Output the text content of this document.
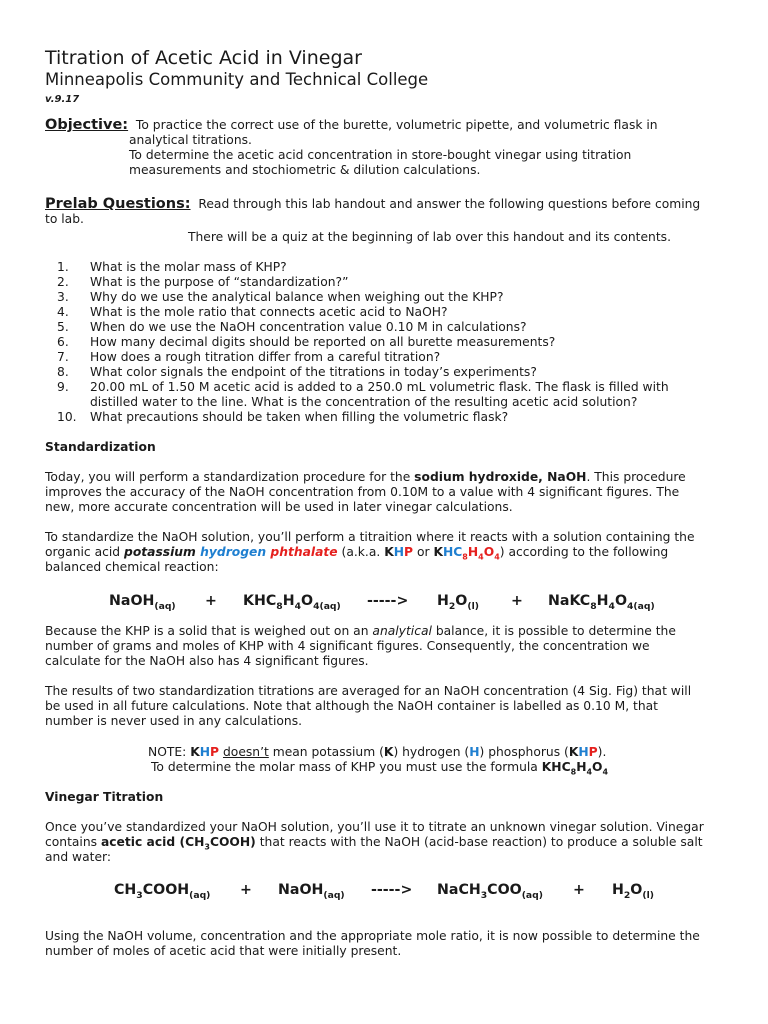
Titration of Acetic Acid in Vinegar
Minneapolis Community and Technical College
v.9.17
Objective: To practice the correct use of the burette, volumetric pipette, and volumetric flask in
analytical titrations.
To determine the acetic acid concentration in store-bought vinegar using titration
measurements and stochiometric & dilution calculations.
Prelab Questions: Read through this lab handout and answer the following questions before coming
to lab.
There will be a quiz at the beginning of lab over this handout and its contents.
1.	What is the molar mass of KHP?
2.	What is the purpose of “standardization?”
3.	Why do we use the analytical balance when weighing out the KHP?
4.	What is the mole ratio that connects acetic acid to NaOH?
5.	When do we use the NaOH concentration value 0.10 M in calculations?
6.	How many decimal digits should be reported on all burette measurements?
7.	How does a rough titration differ from a careful titration?
8.	What color signals the endpoint of the titrations in today’s experiments?
9.	20.00 mL of 1.50 M acetic acid is added to a 250.0 mL volumetric flask. The flask is filled with
distilled water to the line. What is the concentration of the resulting acetic acid solution?
10.	What precautions should be taken when filling the volumetric flask?
Standardization
Today, you will perform a standardization procedure for the sodium hydroxide, NaOH. This procedure
improves the accuracy of the NaOH concentration from 0.10M to a value with 4 significant figures. The
new, more accurate concentration will be used in later vinegar calculations.
To standardize the NaOH solution, you’ll perform a titraition where it reacts with a solution containing the
organic acid potassium hydrogen phthalate (a.k.a. KHP or $KHC_8H_4O_4$) according to the following
balanced chemical reaction:
NaOH$_{(aq)}$ + $KHC_8H_4O_{4(aq)}$ -----> $H_2O_{(l)}$ + $NaKC_8H_4O_{4(aq)}$
Because the KHP is a solid that is weighed out on an analytical balance, it is possible to determine the
number of grams and moles of KHP with 4 significant figures. Consequently, the concentration we
calculate for the NaOH also has 4 significant figures.
The results of two standardization titrations are averaged for an NaOH concentration (4 Sig. Fig) that will
be used in all future calculations. Note that although the NaOH container is labelled as 0.10 M, that
number is never used in any calculations.
NOTE: KHP doesn’t mean potassium (K) hydrogen (H) phosphorus (KHP).
To determine the molar mass of KHP you must use the formula $KHC_8H_4O_4$
Vinegar Titration
Once you’ve standardized your NaOH solution, you’ll use it to titrate an unknown vinegar solution. Vinegar
contains acetic acid $(CH_3COOH)$ that reacts with the NaOH (acid-base reaction) to produce a soluble salt
and water:
$CH_3COOH_{(aq)}$ + NaOH$_{(aq)}$ -----> $NaCH_3COO_{(aq)} + H_2O_{(l)}$
Using the NaOH volume, concentration and the appropriate mole ratio, it is now possible to determine the
number of moles of acetic acid that were initially present.
